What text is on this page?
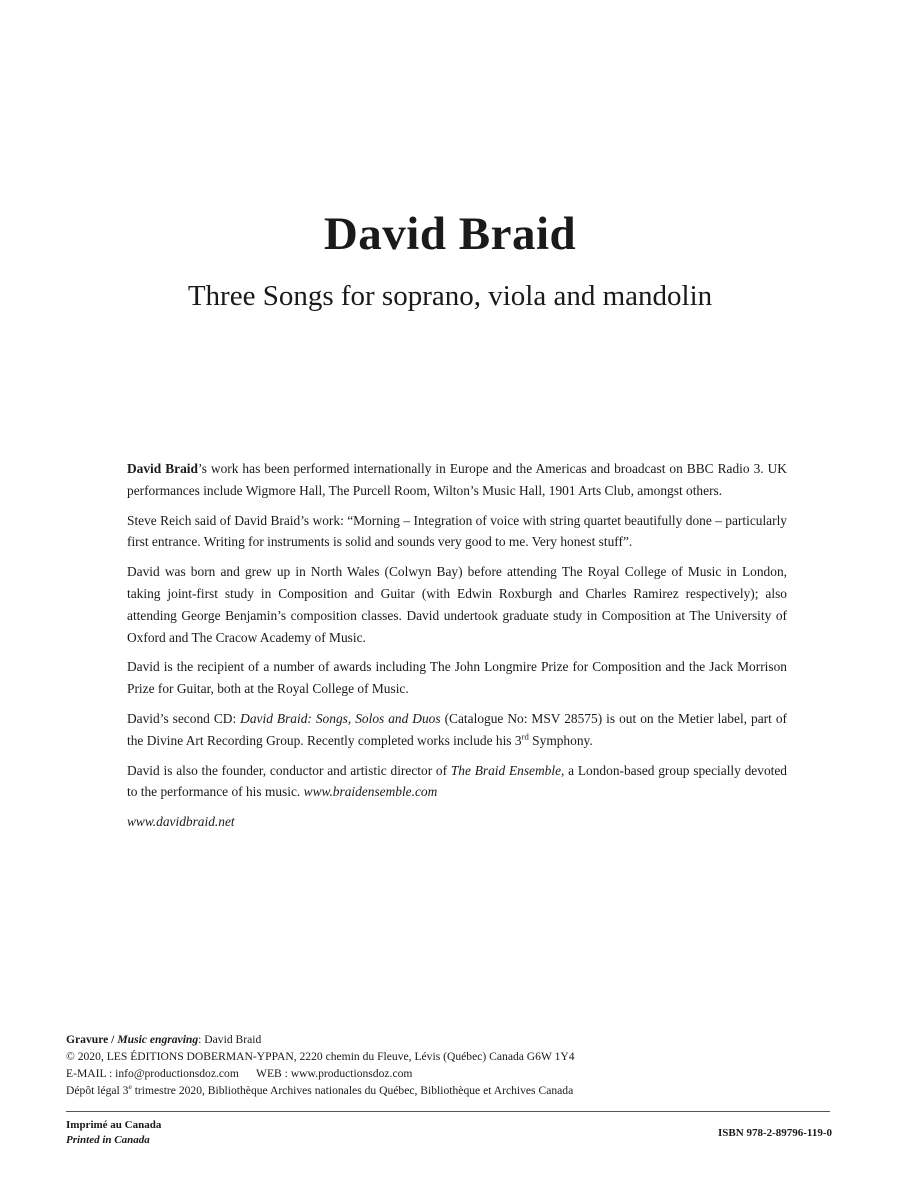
David Braid
Three Songs for soprano, viola and mandolin

David Braid’s work has been performed internationally in Europe and the Americas and broadcast on BBC Radio 3. UK performances include Wigmore Hall, The Purcell Room, Wilton’s Music Hall, 1901 Arts Club, amongst others.

Steve Reich said of David Braid’s work: “Morning – Integration of voice with string quartet beautifully done – particularly first entrance. Writing for instruments is solid and sounds very good to me. Very honest stuff”.

David was born and grew up in North Wales (Colwyn Bay) before attending The Royal College of Music in London, taking joint-first study in Composition and Guitar (with Edwin Roxburgh and Charles Ramirez respectively); also attending George Benjamin’s composition classes. David undertook graduate study in Composition at The University of Oxford and The Cracow Academy of Music.

David is the recipient of a number of awards including The John Longmire Prize for Composition and the Jack Morrison Prize for Guitar, both at the Royal College of Music.

David’s second CD: David Braid: Songs, Solos and Duos (Catalogue No: MSV 28575) is out on the Metier label, part of the Divine Art Recording Group. Recently completed works include his 3rd Symphony.

David is also the founder, conductor and artistic director of The Braid Ensemble, a London-based group specially devoted to the performance of his music. www.braidensemble.com

www.davidbraid.net

Gravure / Music engraving: David Braid
© 2020, LES ÉDITIONS DOBERMAN-YPPAN, 2220 chemin du Fleuve, Lévis (Québec) Canada G6W 1Y4
E-MAIL : info@productionsdoz.com      WEB : www.productionsdoz.com
Dépôt légal 3e trimestre 2020, Bibliothèque Archives nationales du Québec, Bibliothèque et Archives Canada
Imprimé au Canada
Printed in Canada
ISBN 978-2-89796-119-0
